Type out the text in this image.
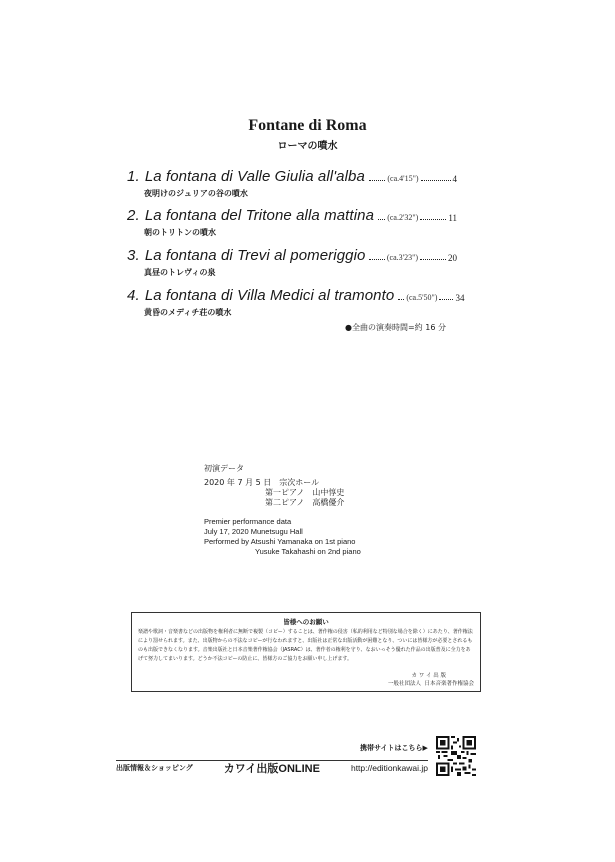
Fontane di Roma
ローマの噴水
1.
La fontana di Valle Giulia all'alba	(ca.4'15")	4
夜明けのジュリアの谷の噴水
2.
La fontana del Tritone alla mattina (ca.2'32")	11
朝のトリトンの噴水
3.
La fontana di Trevi al pomeriggio	(ca.3'23")	20
真昼のトレヴィの泉
4.
La fontana di Villa Medici al tramonto (ca.5'50") 34
黄昏のメディチ荘の噴水
●全曲の演奏時間=約 16 分
初演データ
2020 年 7 月 5 日　宗次ホール
第一ピアノ　山中惇史
第二ピアノ　高橋優介
Premier performance data
July 17, 2020 Munetsugu Hall
Performed by Atsushi Yamanaka on 1st piano
Yusuke Takahashi on 2nd piano
皆様へのお願い
楽譜や歌詞・音楽書などの出版物を権利者に無断で複製（コピー）することは、著作権の侵害（私的利用など特別な場合を除く）にあたり、著作権法により罰せられます。また、出版物からの不法なコピーが行なわれますと、出版社は正常な出版活動が困難となり、ついには皆様方が必要とされるものも出版できなくなります。音楽出版社と日本音楽著作権協会（JASRAC）は、著作者の権利を守り、なおいっそう優れた作品の出版普及に全力をあげて努力してまいります。どうか不法コピーの防止に、皆様方のご協力をお願い申し上げます。
カ ワ イ 出 版
一般社団法人 日本音楽著作権協会
携帯サイトはこちら▶
出版情報＆ショッピング	カワイ出版ONLINE	http://editionkawai.jp
